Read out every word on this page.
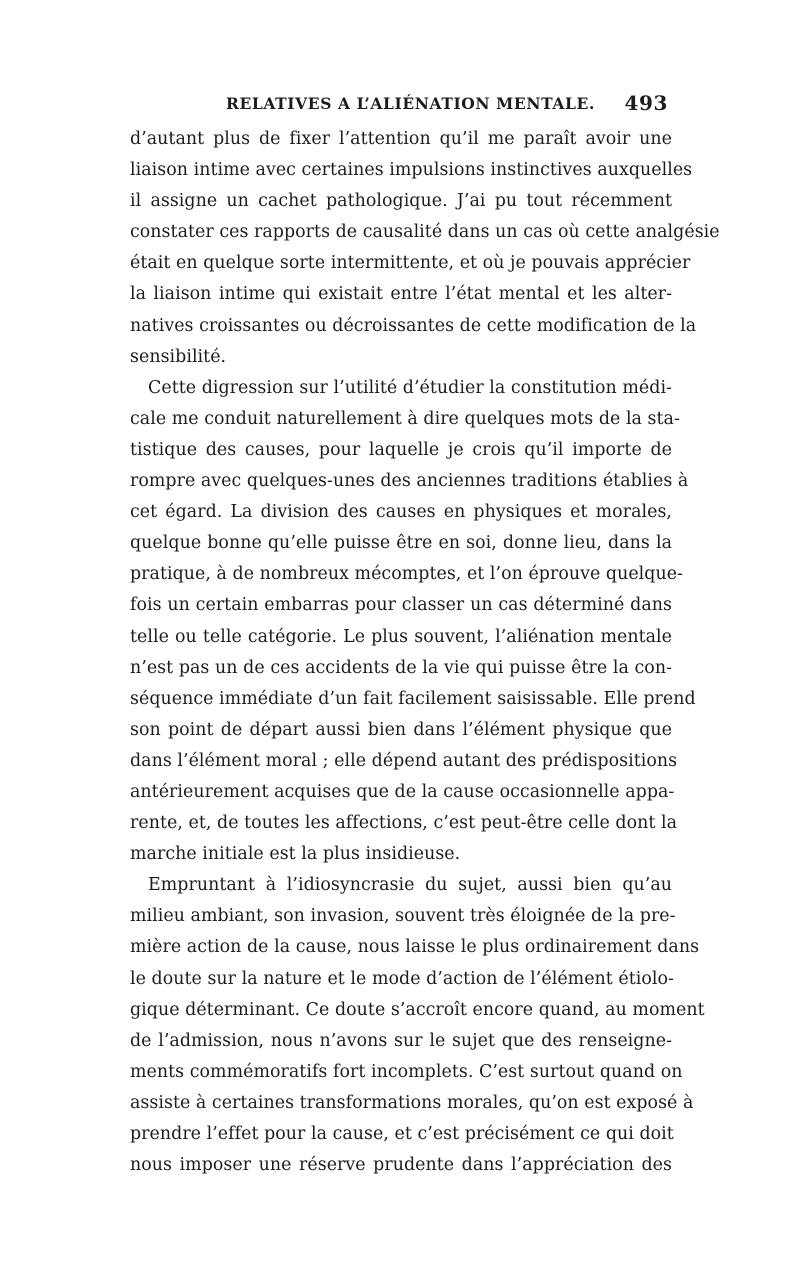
RELATIVES A L’ALIÉNATION MENTALE. 493
d’autant plus de fixer l’attention qu’il me paraît avoir une
liaison intime avec certaines impulsions instinctives auxquelles
il assigne un cachet pathologique. J’ai pu tout récemment
constater ces rapports de causalité dans un cas où cette analgésie
était en quelque sorte intermittente, et où je pouvais apprécier
la liaison intime qui existait entre l’état mental et les alter-
natives croissantes ou décroissantes de cette modification de la
sensibilité.
Cette digression sur l’utilité d’étudier la constitution médi-
cale me conduit naturellement à dire quelques mots de la sta-
tistique des causes, pour laquelle je crois qu’il importe de
rompre avec quelques-unes des anciennes traditions établies à
cet égard. La division des causes en physiques et morales,
quelque bonne qu’elle puisse être en soi, donne lieu, dans la
pratique, à de nombreux mécomptes, et l’on éprouve quelque-
fois un certain embarras pour classer un cas déterminé dans
telle ou telle catégorie. Le plus souvent, l’aliénation mentale
n’est pas un de ces accidents de la vie qui puisse être la con-
séquence immédiate d’un fait facilement saisissable. Elle prend
son point de départ aussi bien dans l’élément physique que
dans l’élément moral ; elle dépend autant des prédispositions
antérieurement acquises que de la cause occasionnelle appa-
rente, et, de toutes les affections, c’est peut-être celle dont la
marche initiale est la plus insidieuse.
Empruntant à l’idiosyncrasie du sujet, aussi bien qu’au
milieu ambiant, son invasion, souvent très éloignée de la pre-
mière action de la cause, nous laisse le plus ordinairement dans
le doute sur la nature et le mode d’action de l’élément étiolo-
gique déterminant. Ce doute s’accroît encore quand, au moment
de l’admission, nous n’avons sur le sujet que des renseigne-
ments commémoratifs fort incomplets. C’est surtout quand on
assiste à certaines transformations morales, qu’on est exposé à
prendre l’effet pour la cause, et c’est précisément ce qui doit
nous imposer une réserve prudente dans l’appréciation des
